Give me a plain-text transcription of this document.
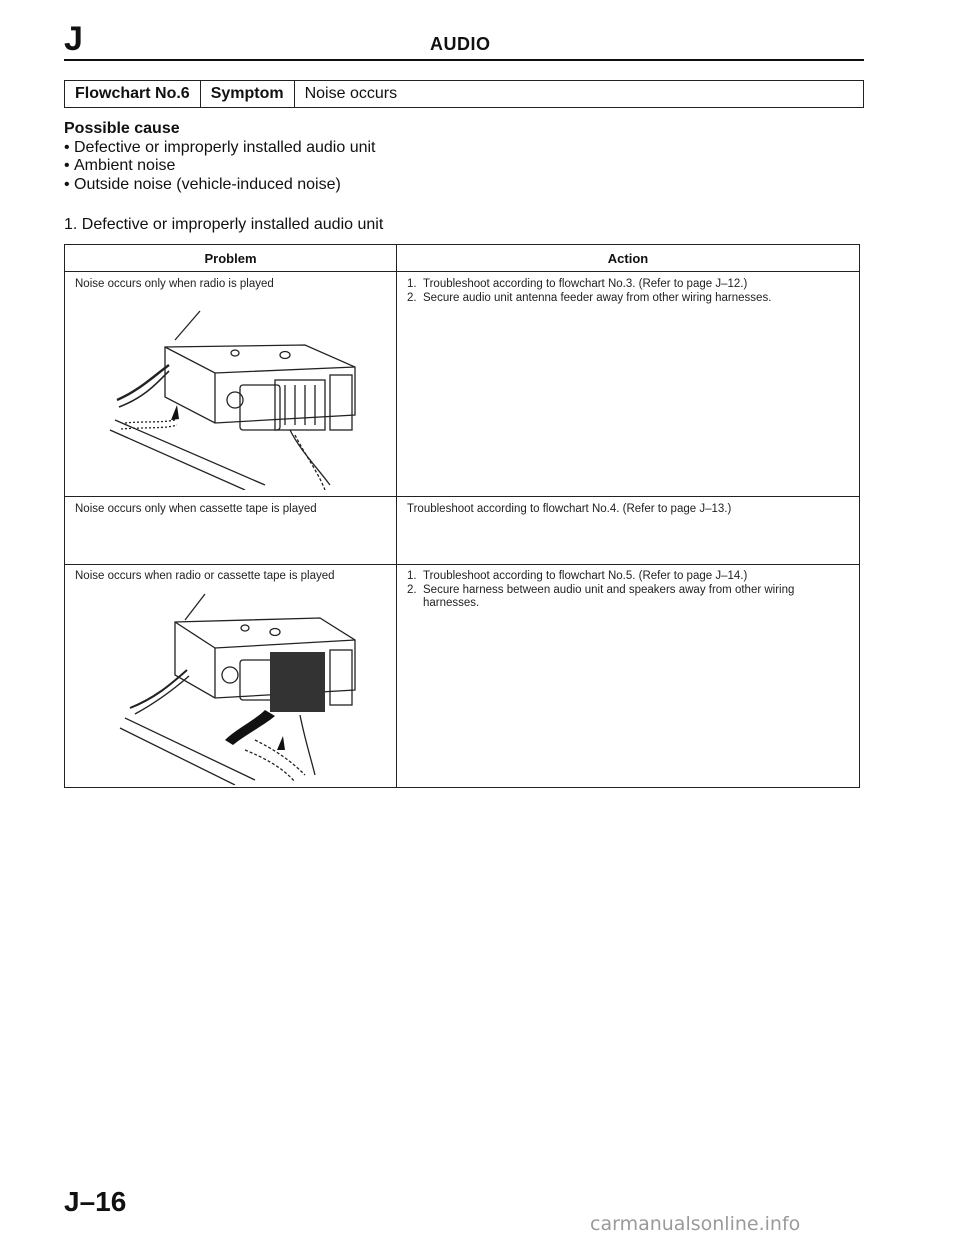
J	AUDIO
Flowchart No.6	Symptom	Noise occurs
Possible cause
• Defective or improperly installed audio unit
• Ambient noise
• Outside noise (vehicle-induced noise)
1. Defective or improperly installed audio unit
Problem	Action
Noise occurs only when radio is played	1. Troubleshoot according to flowchart No.3. (Refer to page J–12.)
2. Secure audio unit antenna feeder away from other wiring harnesses.
Noise occurs only when cassette tape is played	Troubleshoot according to flowchart No.4. (Refer to page J–13.)
Noise occurs when radio or cassette tape is played	1. Troubleshoot according to flowchart No.5. (Refer to page J–14.)
2. Secure harness between audio unit and speakers away from other wiring harnesses.
J–16
carmanualsonline.info
